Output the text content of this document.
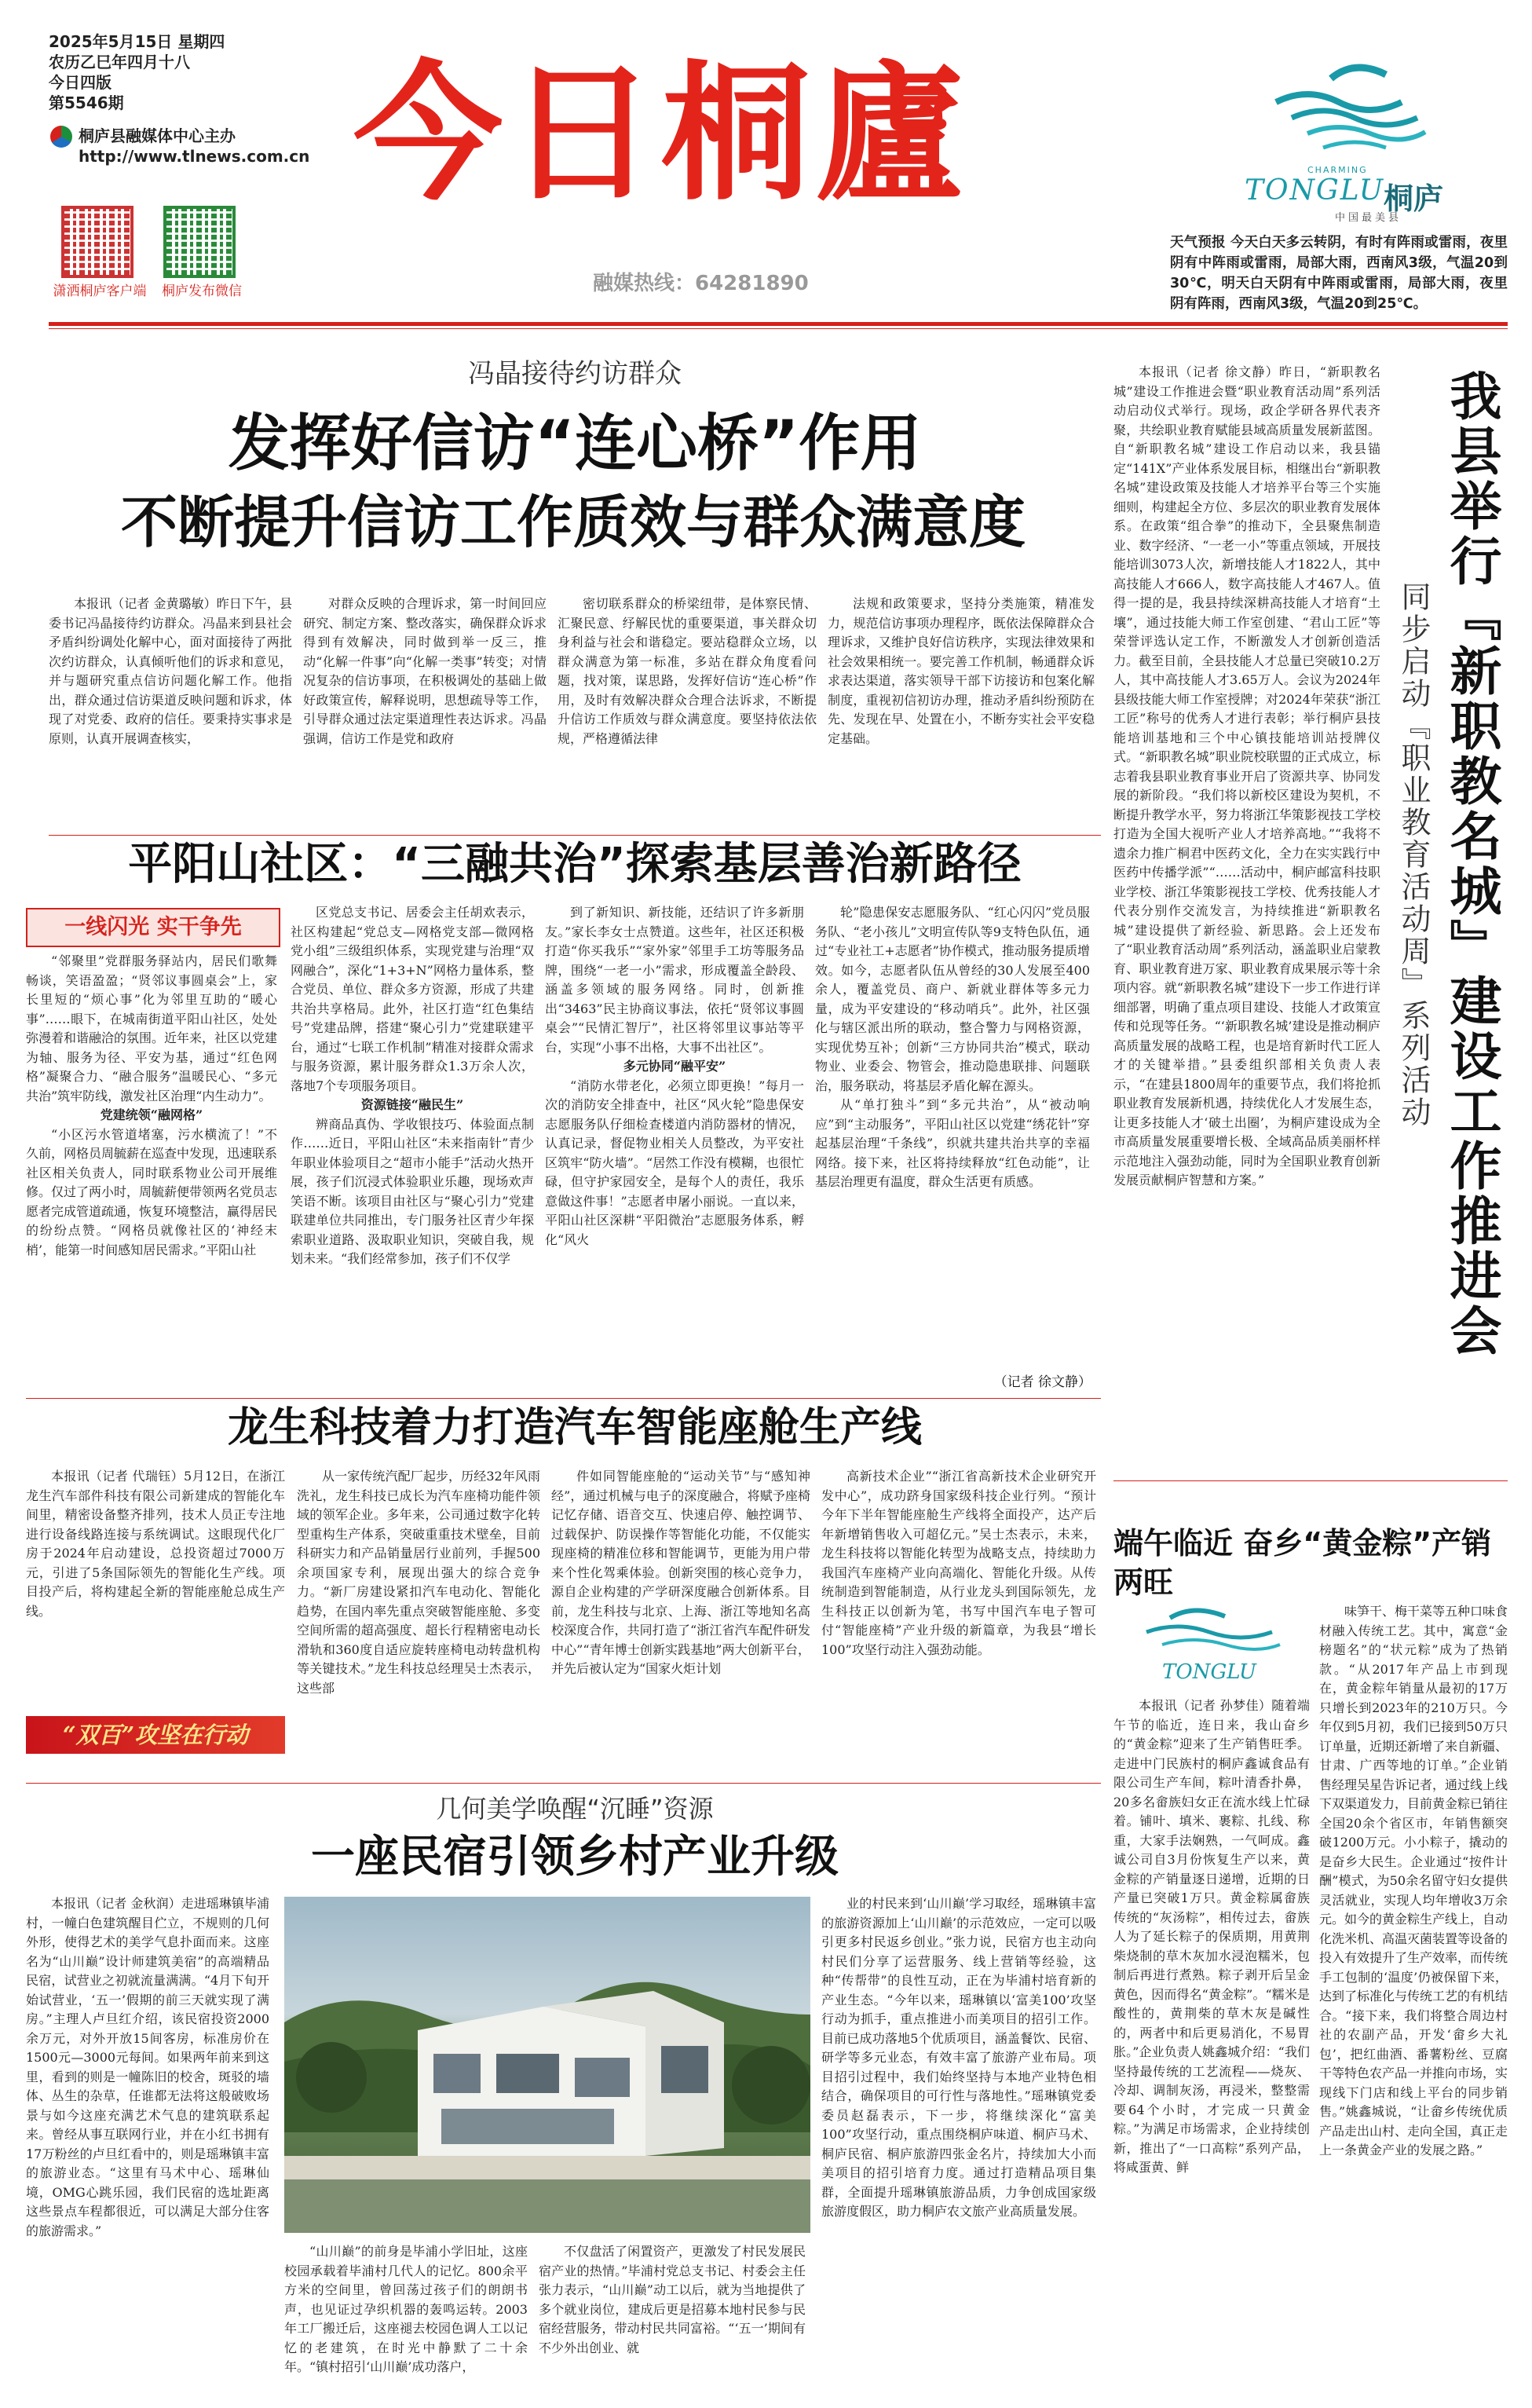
2025年5月15日 星期四
农历乙巳年四月十八
今日四版
第5546期
桐庐县融媒体中心主办
http://www.tlnews.com.cn
潇洒桐庐客户端	桐庐发布微信
今日桐廬
融媒热线：64281890
CHARMING
TONGLU
桐庐
中国最美县
天气预报 今天白天多云转阴，有时有阵雨或雷雨，夜里阴有中阵雨或雷雨，局部大雨，西南风3级，气温20到30℃，明天白天阴有中阵雨或雷雨，局部大雨，夜里阴有阵雨，西南风3级，气温20到25℃。
冯晶接待约访群众
发挥好信访“连心桥”作用
不断提升信访工作质效与群众满意度

本报讯（记者 金黄璐敏）昨日下午，县委书记冯晶接待约访群众。冯晶来到县社会矛盾纠纷调处化解中心，面对面接待了两批次约访群众，认真倾听他们的诉求和意见，并与题研究重点信访问题化解工作。他指出，群众通过信访渠道反映问题和诉求，体现了对党委、政府的信任。要秉持实事求是原则，认真开展调查核实，

对群众反映的合理诉求，第一时间回应研究、制定方案、整改落实，确保群众诉求得到有效解决，同时做到举一反三，推动“化解一件事”向“化解一类事”转变；对情况复杂的信访事项，在积极调处的基础上做好政策宣传，解释说明，思想疏导等工作，引导群众通过法定渠道理性表达诉求。冯晶强调，信访工作是党和政府

密切联系群众的桥梁纽带，是体察民情、汇聚民意、纾解民忧的重要渠道，事关群众切身利益与社会和谐稳定。要站稳群众立场，以群众满意为第一标准，多站在群众角度看问题，找对策，谋思路，发挥好信访“连心桥”作用，及时有效解决群众合理合法诉求，不断提升信访工作质效与群众满意度。要坚持依法依规，严格遵循法律

法规和政策要求，坚持分类施策，精准发力，规范信访事项办理程序，既依法保障群众合理诉求，又维护良好信访秩序，实现法律效果和社会效果相统一。要完善工作机制，畅通群众诉求表达渠道，落实领导干部下访接访和包案化解制度，重视初信初访办理，推动矛盾纠纷预防在先、发现在早、处置在小，不断夯实社会平安稳定基础。

本报讯（记者 徐文静）昨日，“新职教名城”建设工作推进会暨“职业教育活动周”系列活动启动仪式举行。现场，政企学研各界代表齐聚，共绘职业教育赋能县域高质量发展新蓝图。自“新职教名城”建设工作启动以来，我县锚定“141X”产业体系发展目标，相继出台“新职教名城”建设政策及技能人才培养平台等三个实施细则，构建起全方位、多层次的职业教育发展体系。在政策“组合拳”的推动下，全县聚焦制造业、数字经济、“一老一小”等重点领域，开展技能培训3073人次，新增技能人才1822人，其中高技能人才666人，数字高技能人才467人。值得一提的是，我县持续深耕高技能人才培育“土壤”，通过技能大师工作室创建、“君山工匠”等荣誉评选认定工作，不断激发人才创新创造活力。截至目前，全县技能人才总量已突破10.2万人，其中高技能人才3.65万人。会议为2024年县级技能大师工作室授牌；对2024年荣获“浙江工匠”称号的优秀人才进行表彰；举行桐庐县技能培训基地和三个中心镇技能培训站授牌仪式。“新职教名城”职业院校联盟的正式成立，标志着我县职业教育事业开启了资源共享、协同发展的新阶段。“我们将以新校区建设为契机，不断提升教学水平，努力将浙江华策影视技工学校打造为全国大视听产业人才培养高地。”“我将不遗余力推广桐君中医药文化，全力在实实践行中医药中传播学派”“……活动中，桐庐邮富科技职业学校、浙江华策影视技工学校、优秀技能人才代表分别作交流发言，为持续推进“新职教名城”建设提供了新经验、新思路。会上还发布了“职业教育活动周”系列活动，涵盖职业启蒙教育、职业教育进万家、职业教育成果展示等十余项内容。就“新职教名城”建设下一步工作进行详细部署，明确了重点项目建设、技能人才政策宣传和兑现等任务。“‘新职教名城’建设是推动桐庐高质量发展的战略工程，也是培育新时代工匠人才的关键举措。”县委组织部相关负责人表示，“在建县1800周年的重要节点，我们将抢抓职业教育发展新机遇，持续优化人才发展生态，让更多技能人才‘破土出圈’，为桐庐建设成为全市高质量发展重要增长极、全域高品质美丽杯样示范地注入强劲动能，同时为全国职业教育创新发展贡献桐庐智慧和方案。”	我县举行『新职教名城』建设工作推进会
同步启动『职业教育活动周』系列活动
平阳山社区：“三融共治”探索基层善治新路径
一线闪光 实干争先

“邻聚里”党群服务驿站内，居民们歌舞畅谈，笑语盈盈；“贤邻议事圆桌会”上，家长里短的“烦心事”化为邻里互助的“暖心事”……眼下，在城南街道平阳山社区，处处弥漫着和谐融洽的氛围。近年来，社区以党建为轴、服务为径、平安为基，通过“红色网格”凝聚合力、“融合服务”温暖民心、“多元共治”筑牢防线，激发社区治理“内生动力”。

党建统领“融网格”

“小区污水管道堵塞，污水横流了！”不久前，网格员周毓薪在巡查中发现，迅速联系社区相关负责人，同时联系物业公司开展维修。仅过了两小时，周毓薪便带领两名党员志愿者完成管道疏通，恢复环境整洁，赢得居民的纷纷点赞。“网格员就像社区的‘神经末梢’，能第一时间感知居民需求。”平阳山社

区党总支书记、居委会主任胡欢表示，社区构建起“党总支—网格党支部—微网格党小组”三级组织体系，实现党建与治理“双网融合”，深化“1+3+N”网格力量体系，整合党员、单位、群众多方资源，形成了共建共治共享格局。此外，社区打造“红色集结号”党建品牌，搭建“聚心引力”党建联建平台，通过“七联工作机制”精准对接群众需求与服务资源，累计服务群众1.3万余人次，落地7个专项服务项目。

资源链接“融民生”

辨商品真伪、学收银技巧、体验面点制作……近日，平阳山社区“未来指南针”青少年职业体验项目之“超市小能手”活动火热开展，孩子们沉浸式体验职业乐趣，现场欢声笑语不断。该项目由社区与“聚心引力”党建联建单位共同推出，专门服务社区青少年探索职业道路、汲取职业知识，突破自我，规划未来。“我们经常参加，孩子们不仅学

到了新知识、新技能，还结识了许多新朋友。”家长李女士点赞道。这些年，社区还积极打造“你买我乐”“家外家”邻里手工坊等服务品牌，围绕“一老一小”需求，形成覆盖全龄段、涵盖多领域的服务网络。同时，创新推出“3463”民主协商议事法，依托“贤邻议事圆桌会”“民情汇智厅”，社区将邻里议事站等平台，实现“小事不出格，大事不出社区”。

多元协同“融平安”

“消防水带老化，必须立即更换！”每月一次的消防安全排查中，社区“风火轮”隐患保安志愿服务队仔细检查楼道内消防器材的情况，认真记录，督促物业相关人员整改，为平安社区筑牢“防火墙”。“居然工作没有模糊，也很忙碌，但守护家园安全，是每个人的责任，我乐意做这件事！”志愿者申屠小丽说。一直以来，平阳山社区深耕“平阳微治”志愿服务体系，孵化“风火

轮”隐患保安志愿服务队、“红心闪闪”党员服务队、“老小孩儿”文明宣传队等9支特色队伍，通过“专业社工+志愿者”协作模式，推动服务提质增效。如今，志愿者队伍从曾经的30人发展至400余人，覆盖党员、商户、新就业群体等多元力量，成为平安建设的“移动哨兵”。此外，社区强化与辖区派出所的联动，整合警力与网格资源，实现优势互补；创新“三方协同共治”模式，联动物业、业委会、物管会，推动隐患联排、问题联治，服务联动，将基层矛盾化解在源头。

从“单打独斗”到“多元共治”，从“被动响应”到“主动服务”，平阳山社区以党建“绣花针”穿起基层治理“千条线”，织就共建共治共享的幸福网络。接下来，社区将持续释放“红色动能”，让基层治理更有温度，群众生活更有质感。

（记者 徐文静）
龙生科技着力打造汽车智能座舱生产线

本报讯（记者 代瑞钰）5月12日，在浙江龙生汽车部件科技有限公司新建成的智能化车间里，精密设备整齐排列，技术人员正专注地进行设备线路连接与系统调试。这眼现代化厂房于2024年启动建设，总投资超过7000万元，引进了5条国际领先的智能化生产线。项目投产后，将构建起全新的智能座舱总成生产线。

“双百”攻坚在行动

从一家传统汽配厂起步，历经32年风雨洗礼，龙生科技已成长为汽车座椅功能件领域的领军企业。多年来，公司通过数字化转型重构生产体系，突破重重技术壁垒，目前科研实力和产品销量居行业前列，手握500余项国家专利，展现出强大的综合竞争力。“新厂房建设紧扣汽车电动化、智能化趋势，在国内率先重点突破智能座舱、多变空间所需的超高强度、超长行程精密电动长滑轨和360度自适应旋转座椅电动转盘机构等关键技术。”龙生科技总经理吴士杰表示，这些部

件如同智能座舱的“运动关节”与“感知神经”，通过机械与电子的深度融合，将赋予座椅记忆存储、语音交互、快速启停、触控调节、过载保护、防误操作等智能化功能，不仅能实现座椅的精准位移和智能调节，更能为用户带来个性化驾乘体验。创新突围的核心竞争力，源自企业构建的产学研深度融合创新体系。目前，龙生科技与北京、上海、浙江等地知名高校深度合作，共同打造了“浙江省汽车配件研发中心”“青年博士创新实践基地”两大创新平台，并先后被认定为“国家火炬计划

高新技术企业”“浙江省高新技术企业研究开发中心”，成功跻身国家级科技企业行列。“预计今年下半年智能座舱生产线将全面投产，达产后年新增销售收入可超亿元。”吴士杰表示，未来，龙生科技将以智能化转型为战略支点，持续助力我国汽车座椅产业向高端化、智能化升级。从传统制造到智能制造，从行业龙头到国际领先，龙生科技正以创新为笔，书写中国汽车电子智可付“智能座椅”产业升级的新篇章，为我县“增长100”攻坚行动注入强劲动能。

几何美学唤醒“沉睡”资源
一座民宿引领乡村产业升级

本报讯（记者 金秋润）走进瑶琳镇毕浦村，一幢白色建筑醒目伫立，不规则的几何外形，使得艺术的美学气息扑面而来。这座名为“山川巅”设计师建筑美宿”的高端精品民宿，试营业之初就流量满满。“4月下旬开始试营业，‘五一’假期的前三天就实现了满房。”主理人卢旦红介绍，该民宿投资2000余万元，对外开放15间客房，标准房价在1500元—3000元每间。如果两年前来到这里，看到的则是一幢陈旧的校舍，斑驳的墙体、丛生的杂草，任谁都无法将这般破败场景与如今这座充满艺术气息的建筑联系起来。曾经从事互联网行业，并在小红书拥有17万粉丝的卢旦红看中的，则是瑶琳镇丰富的旅游业态。“这里有马术中心、瑶琳仙境，OMG心跳乐园，我们民宿的选址距离这些景点车程都很近，可以满足大部分住客的旅游需求。”

“山川巅”的前身是毕浦小学旧址，这座校园承载着毕浦村几代人的记忆。800余平方米的空间里，曾回荡过孩子们的朗朗书声，也见证过孕织机器的轰鸣运转。2003年工厂搬迁后，这座褪去校园色调人工以记忆的老建筑，在时光中静默了二十余年。“镇村招引‘山川巅’成功落户，

不仅盘活了闲置资产，更激发了村民发展民宿产业的热情。”毕浦村党总支书记、村委会主任张力表示，“山川巅”动工以后，就为当地提供了多个就业岗位，建成后更是招募本地村民参与民宿经营服务，带动村民共同富裕。“‘五一’期间有不少外出创业、就

业的村民来到‘山川巅’学习取经，瑶琳镇丰富的旅游资源加上‘山川巅’的示范效应，一定可以吸引更多村民返乡创业。”张力说，民宿方也主动向村民们分享了运营服务、线上营销等经验，这种“传帮带”的良性互动，正在为毕浦村培育新的产业生态。“今年以来，瑶琳镇以‘富美100’攻坚行动为抓手，重点推进小而美项目的招引工作。目前已成功落地5个优质项目，涵盖餐饮、民宿、研学等多元业态，有效丰富了旅游产业布局。项目招引过程中，我们始终坚持与本地产业特色相结合，确保项目的可行性与落地性。”瑶琳镇党委委员赵磊表示，下一步，将继续深化“富美100”攻坚行动，重点围绕桐庐味道、桐庐马术、桐庐民宿、桐庐旅游四张金名片，持续加大小而美项目的招引培育力度。通过打造精品项目集群，全面提升瑶琳镇旅游品质，力争创成国家级旅游度假区，助力桐庐农文旅产业高质量发展。

端午临近 奋乡“黄金粽”产销两旺
TONGLU

本报讯（记者 孙梦佳）随着端午节的临近，连日来，我山奋乡的“黄金粽”迎来了生产销售旺季。走进中门民族村的桐庐鑫诚食品有限公司生产车间，粽叶清香扑鼻，20多名畲族妇女正在流水线上忙碌着。铺叶、填米、裹粽、扎线、称重，大家手法娴熟，一气呵成。鑫诚公司自3月份恢复生产以来，黄金粽的产销量逐日递增，近期的日产量已突破1万只。黄金粽属畲族传统的“灰汤粽”，相传过去，畲族人为了延长粽子的保质期，用黄荆柴烧制的草木灰加水浸泡糯米，包制后再进行煮熟。粽子剥开后呈金黄色，因而得名“黄金粽”。“糯米是酸性的，黄荆柴的草木灰是碱性的，两者中和后更易消化，不易胃胀。”企业负责人姚鑫城介绍：“我们坚持最传统的工艺流程——烧灰、冷却、调制灰汤，再浸米，整整需要64个小时，才完成一只黄金粽。”为满足市场需求，企业持续创新，推出了“一口高粽”系列产品，将咸蛋黄、鲜

味笋干、梅干菜等五种口味食材融入传统工艺。其中，寓意“金榜题名”的“状元粽”成为了热销款。“从2017年产品上市到现在，黄金粽年销量从最初的17万只增长到2023年的210万只。今年仅到5月初，我们已接到50万只订单量，近期还新增了来自新疆、甘肃、广西等地的订单。”企业销售经理吴星告诉记者，通过线上线下双渠道发力，目前黄金粽已销往全国20余个省区市，年销售额突破1200万元。小小粽子，撬动的是奋乡大民生。企业通过“按件计酬”模式，为50余名留守妇女提供灵活就业，实现人均年增收3万余元。如今的黄金粽生产线上，自动化洗米机、高温灭菌装置等设备的投入有效提升了生产效率，而传统手工包制的‘温度’仍被保留下来，达到了标准化与传统工艺的有机结合。“接下来，我们将整合周边村社的农副产品，开发‘畲乡大礼包’，把红曲酒、番薯粉丝、豆腐干等特色农产品一并推向市场，实现线下门店和线上平台的同步销售。”姚鑫城说，“让畲乡传统优质产品走出山村、走向全国，真正走上一条黄金产业的发展之路。”
